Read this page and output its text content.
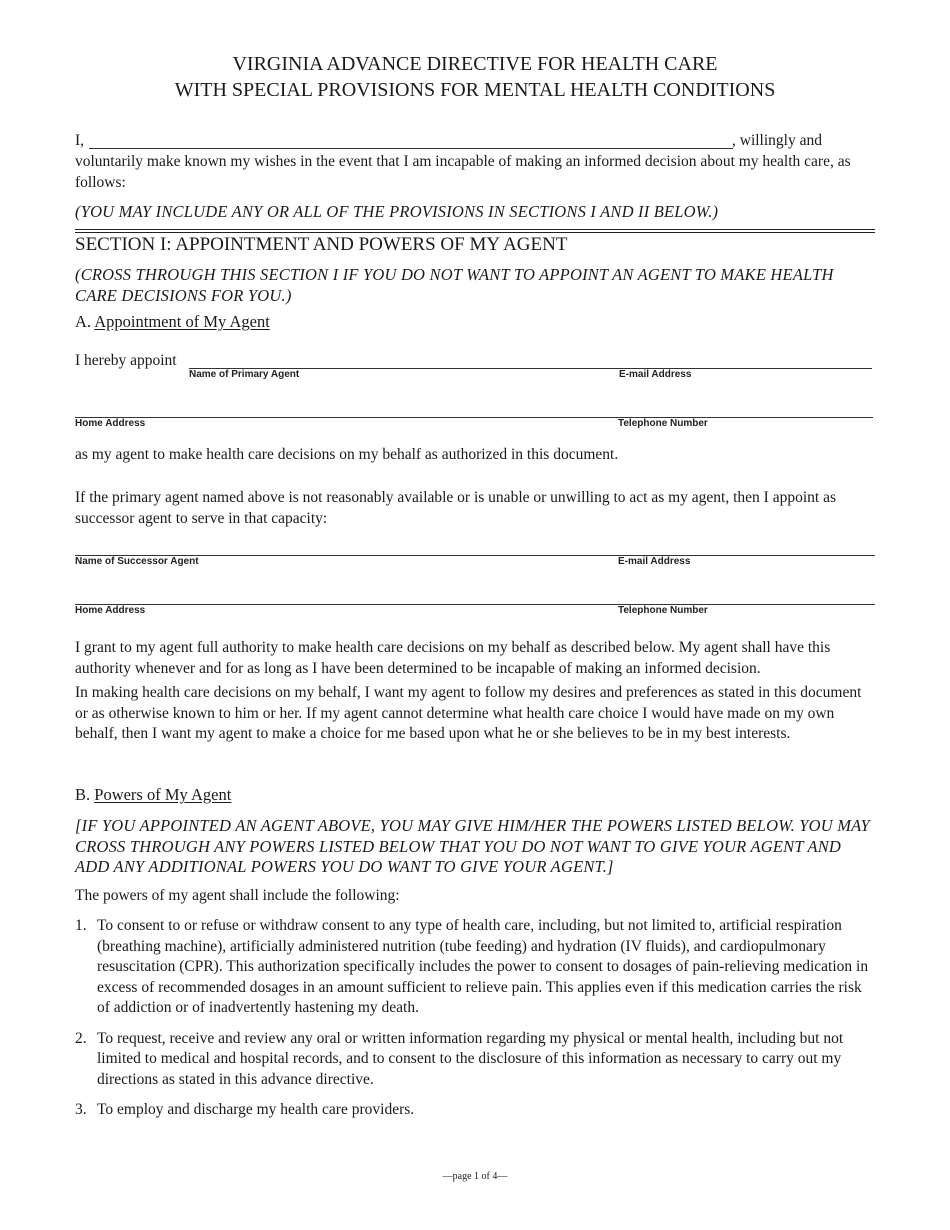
VIRGINIA ADVANCE DIRECTIVE FOR HEALTH CARE
WITH SPECIAL PROVISIONS FOR MENTAL HEALTH CONDITIONS
I,	, willingly and

voluntarily make known my wishes in the event that I am incapable of making an informed decision about my health care, as follows:

(YOU MAY INCLUDE ANY OR ALL OF THE PROVISIONS IN SECTIONS I AND II BELOW.)

SECTION I: APPOINTMENT AND POWERS OF MY AGENT

(CROSS THROUGH THIS SECTION I IF YOU DO NOT WANT TO APPOINT AN AGENT TO MAKE HEALTH CARE DECISIONS FOR YOU.)

A. Appointment of My Agent
I hereby appoint
Name of Primary Agent	E-mail Address
Home Address	Telephone Number

as my agent to make health care decisions on my behalf as authorized in this document.

If the primary agent named above is not reasonably available or is unable or unwilling to act as my agent, then I appoint as successor agent to serve in that capacity:

Name of Successor Agent	E-mail Address
Home Address	Telephone Number

I grant to my agent full authority to make health care decisions on my behalf as described below. My agent shall have this authority whenever and for as long as I have been determined to be incapable of making an informed decision.

In making health care decisions on my behalf, I want my agent to follow my desires and preferences as stated in this document or as otherwise known to him or her. If my agent cannot determine what health care choice I would have made on my own behalf, then I want my agent to make a choice for me based upon what he or she believes to be in my best interests.

B. Powers of My Agent

[IF YOU APPOINTED AN AGENT ABOVE, YOU MAY GIVE HIM/HER THE POWERS LISTED BELOW. YOU MAY CROSS THROUGH ANY POWERS LISTED BELOW THAT YOU DO NOT WANT TO GIVE YOUR AGENT AND ADD ANY ADDITIONAL POWERS YOU DO WANT TO GIVE YOUR AGENT.]

The powers of my agent shall include the following:

1. To consent to or refuse or withdraw consent to any type of health care, including, but not limited to, artificial respiration (breathing machine), artificially administered nutrition (tube feeding) and hydration (IV fluids), and cardiopulmonary resuscitation (CPR). This authorization specifically includes the power to consent to dosages of pain-relieving medication in excess of recommended dosages in an amount sufficient to relieve pain. This applies even if this medication carries the risk of addiction or of inadvertently hastening my death.
2. To request, receive and review any oral or written information regarding my physical or mental health, including but not limited to medical and hospital records, and to consent to the disclosure of this information as necessary to carry out my directions as stated in this advance directive.
3. To employ and discharge my health care providers.
—page 1 of 4—
